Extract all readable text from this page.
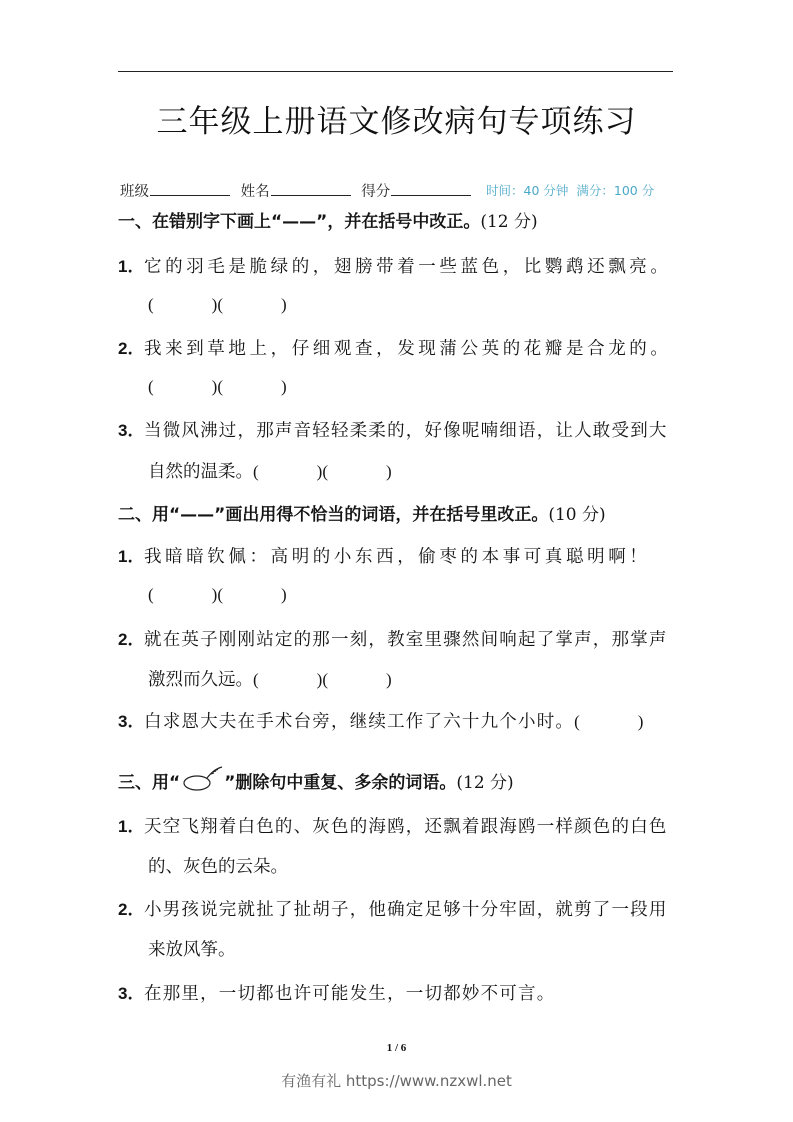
三年级上册语文修改病句专项练习
班级	姓名	得分	时间：40 分钟 满分：100 分
一、在错别字下画上“——”，并在括号中改正。(12 分)
1．它的羽毛是脆绿的，翅膀带着一些蓝色，比鹦鹉还飘亮。
(	)(	)
2．我来到草地上，仔细观查，发现蒲公英的花瓣是合龙的。
(	)(	)
3．当微风沸过，那声音轻轻柔柔的，好像呢喃细语，让人敢受到大
自然的温柔。(	)(	)
二、用“——”画出用得不恰当的词语，并在括号里改正。(10 分)
1．我暗暗钦佩：高明的小东西，偷枣的本事可真聪明啊！
(	)(	)
2．就在英子刚刚站定的那一刻，教室里骤然间响起了掌声，那掌声
激烈而久远。(	)(	)
3．白求恩大夫在手术台旁，继续工作了六十九个小时。(	)
三、用“	”删除句中重复、多余的词语。(12 分)
1．天空飞翔着白色的、灰色的海鸥，还飘着跟海鸥一样颜色的白色
的、灰色的云朵。
2．小男孩说完就扯了扯胡子，他确定足够十分牢固，就剪了一段用
来放风筝。
3．在那里，一切都也许可能发生，一切都妙不可言。
1 / 6
有渔有礼 https://www.nzxwl.net
